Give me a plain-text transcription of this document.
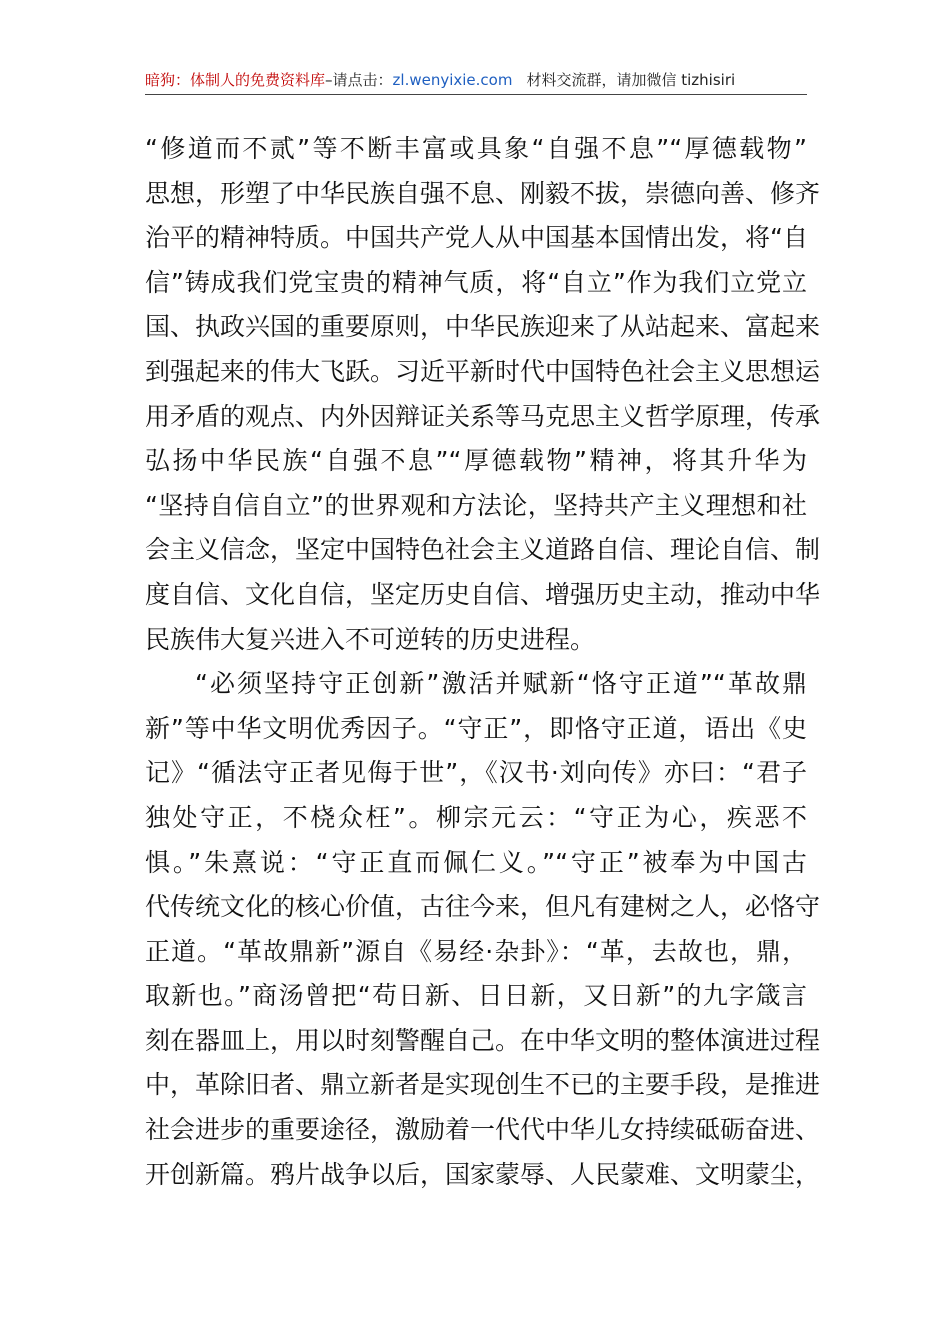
暗狗：体制人的免费资料库–请点击：zl.wenyixie.com 材料交流群，请加微信 tizhisiri
“修道而不贰”等不断丰富或具象“自强不息”“厚德载物”
思想，形塑了中华民族自强不息、刚毅不拔，崇德向善、修齐
治平的精神特质。中国共产党人从中国基本国情出发，将“自
信”铸成我们党宝贵的精神气质，将“自立”作为我们立党立
国、执政兴国的重要原则，中华民族迎来了从站起来、富起来
到强起来的伟大飞跃。习近平新时代中国特色社会主义思想运
用矛盾的观点、内外因辩证关系等马克思主义哲学原理，传承
弘扬中华民族“自强不息”“厚德载物”精神，将其升华为
“坚持自信自立”的世界观和方法论，坚持共产主义理想和社
会主义信念，坚定中国特色社会主义道路自信、理论自信、制
度自信、文化自信，坚定历史自信、增强历史主动，推动中华
民族伟大复兴进入不可逆转的历史进程。
“必须坚持守正创新”激活并赋新“恪守正道”“革故鼎
新”等中华文明优秀因子。“守正”，即恪守正道，语出《史
记》“循法守正者见侮于世”，《汉书·刘向传》亦曰：“君子
独处守正，不桡众枉”。柳宗元云：“守正为心，疾恶不
惧。”朱熹说：“守正直而佩仁义。”“守正”被奉为中国古
代传统文化的核心价值，古往今来，但凡有建树之人，必恪守
正道。“革故鼎新”源自《易经·杂卦》：“革，去故也，鼎，
取新也。”商汤曾把“苟日新、日日新，又日新”的九字箴言
刻在器皿上，用以时刻警醒自己。在中华文明的整体演进过程
中，革除旧者、鼎立新者是实现创生不已的主要手段，是推进
社会进步的重要途径，激励着一代代中华儿女持续砥砺奋进、
开创新篇。鸦片战争以后，国家蒙辱、人民蒙难、文明蒙尘，
